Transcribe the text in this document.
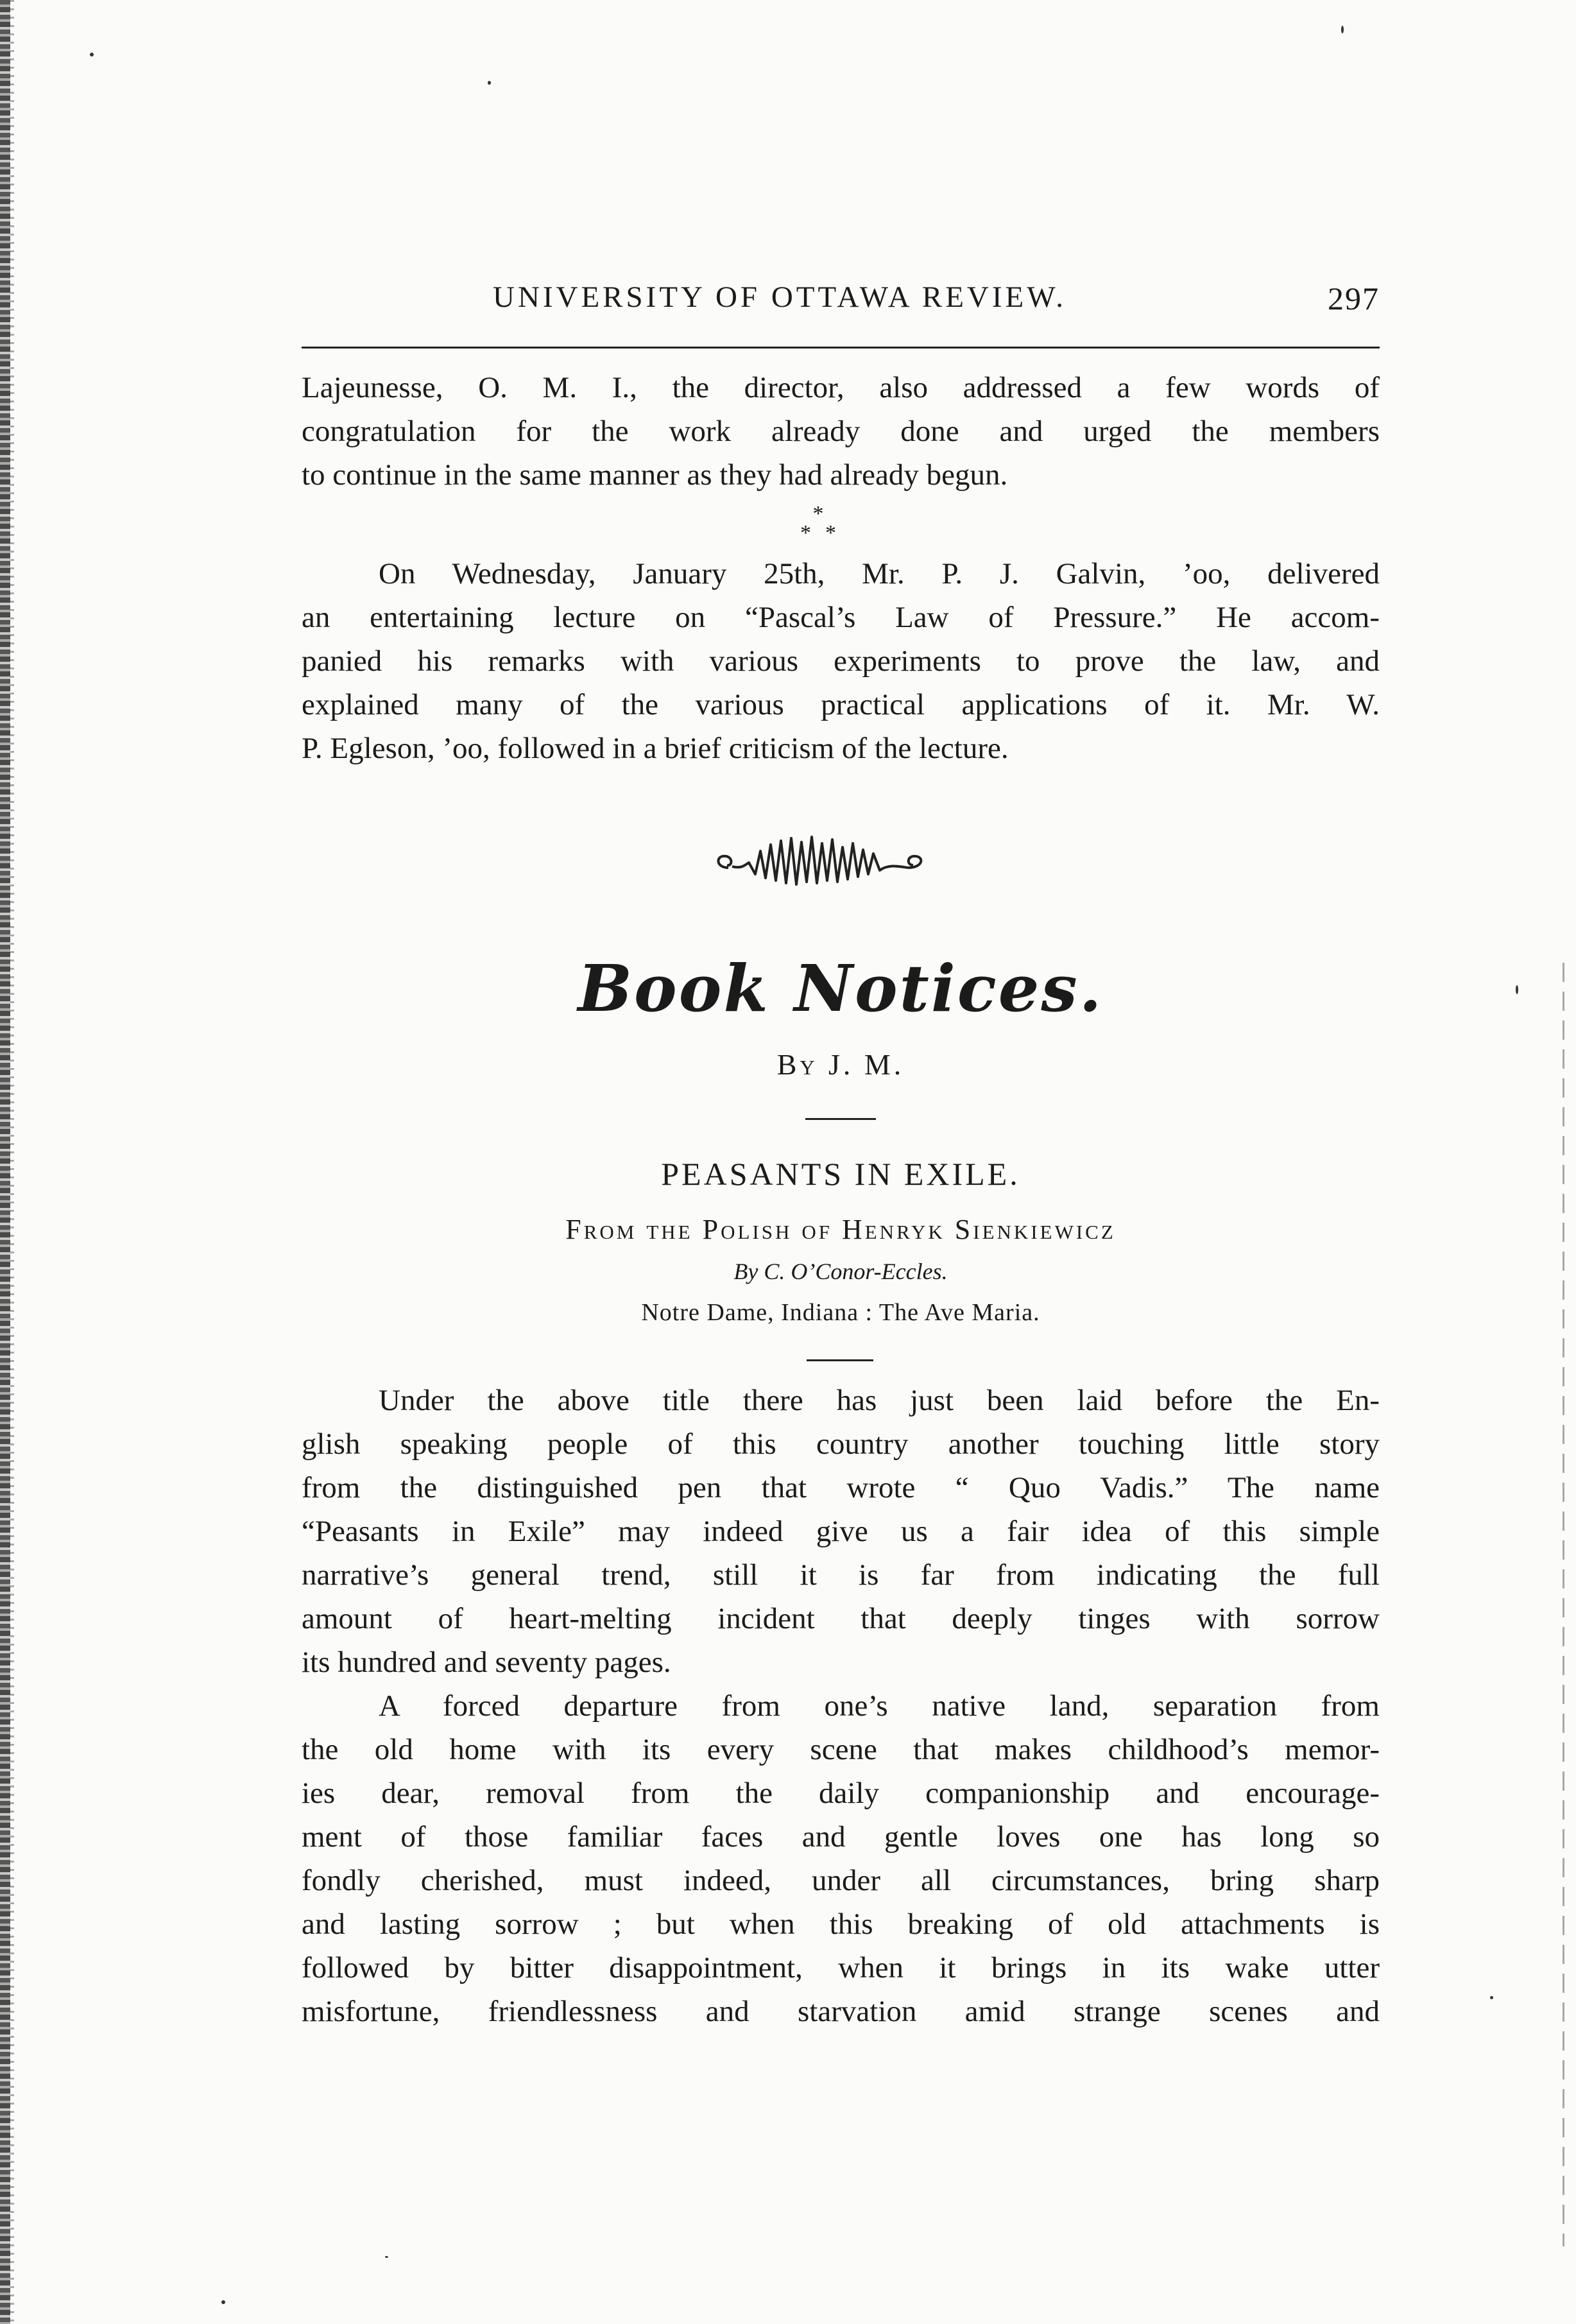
UNIVERSITY OF OTTAWA REVIEW.	297

Lajeunesse, O. M. I., the director, also addressed a few words of
congratulation for the work already done and urged the members
to continue in the same manner as they had already begun.

*
**

On Wednesday, January 25th, Mr. P. J. Galvin, ’oo, delivered
an entertaining lecture on “Pascal’s Law of Pressure.” He accom-
panied his remarks with various experiments to prove the law, and
explained many of the various practical applications of it. Mr. W.
P. Egleson, ’oo, followed in a brief criticism of the lecture.

Book Notices.
By J. M.
PEASANTS IN EXILE.
From the Polish of Henryk Sienkiewicz
By C. O’Conor-Eccles.
Notre Dame, Indiana : The Ave Maria.

Under the above title there has just been laid before the En-
glish speaking people of this country another touching little story
from the distinguished pen that wrote “ Quo Vadis.” The name
“Peasants in Exile” may indeed give us a fair idea of this simple
narrative’s general trend, still it is far from indicating the full
amount of heart-melting incident that deeply tinges with sorrow
its hundred and seventy pages.

A forced departure from one’s native land, separation from
the old home with its every scene that makes childhood’s memor-
ies dear, removal from the daily companionship and encourage-
ment of those familiar faces and gentle loves one has long so
fondly cherished, must indeed, under all circumstances, bring sharp
and lasting sorrow ; but when this breaking of old attachments is
followed by bitter disappointment, when it brings in its wake utter
misfortune, friendlessness and starvation amid strange scenes and
